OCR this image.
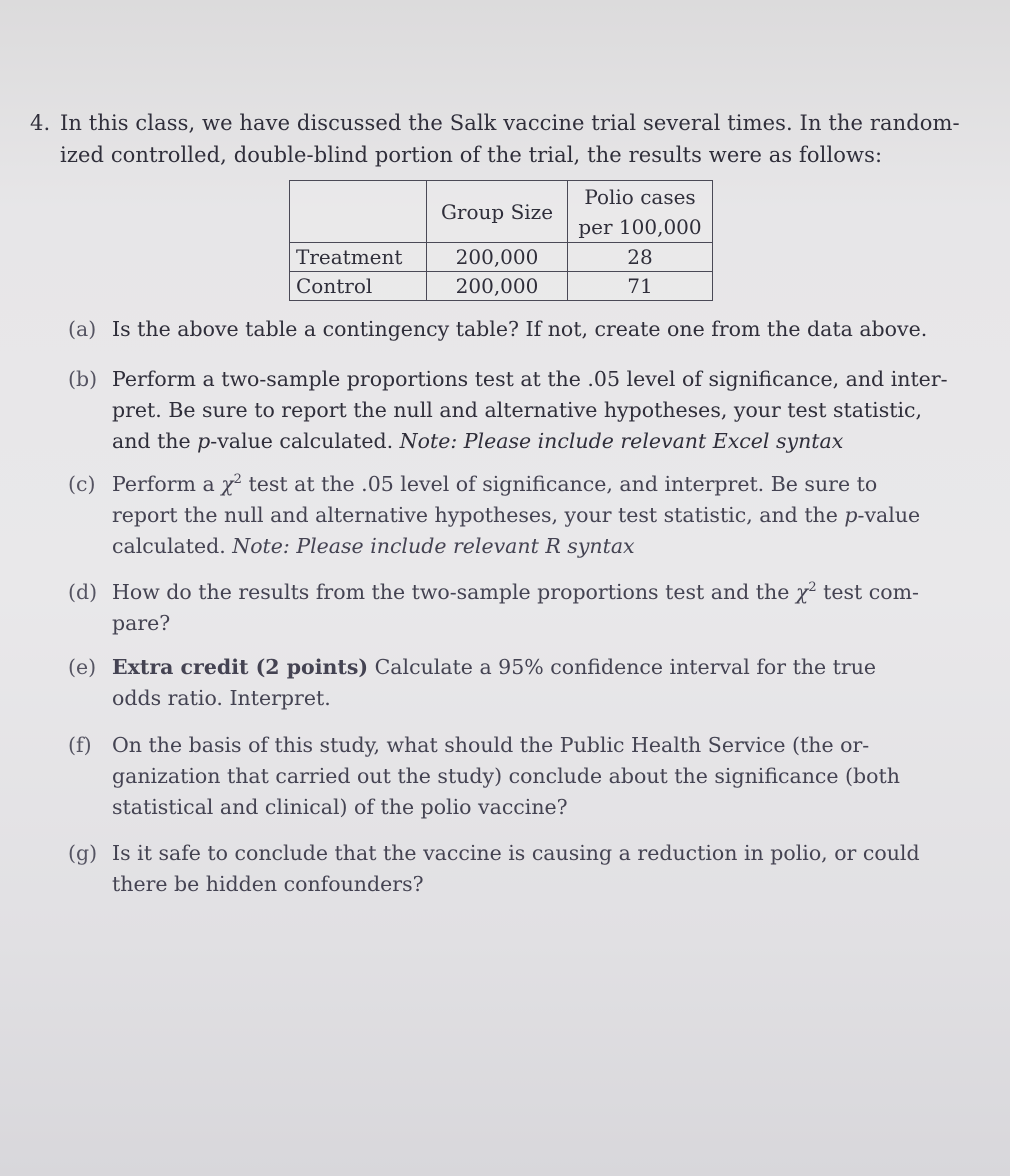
4. In this class, we have discussed the Salk vaccine trial several times. In the random-
ized controlled, double-blind portion of the trial, the results were as follows:
	Group Size	Polio cases
per 100,000

Treatment	200,000	28
Control	200,000	71
(a) Is the above table a contingency table? If not, create one from the data above.
(b) Perform a two-sample proportions test at the .05 level of significance, and inter-
pret. Be sure to report the null and alternative hypotheses, your test statistic,
and the p-value calculated. Note: Please include relevant Excel syntax
(c) Perform a $\chi^2$ test at the .05 level of significance, and interpret. Be sure to
report the null and alternative hypotheses, your test statistic, and the p-value
calculated. Note: Please include relevant R syntax
(d) How do the results from the two-sample proportions test and the $\chi^2$ test com-
pare?
(e) Extra credit (2 points) Calculate a 95% confidence interval for the true
odds ratio. Interpret.
(f) On the basis of this study, what should the Public Health Service (the or-
ganization that carried out the study) conclude about the significance (both
statistical and clinical) of the polio vaccine?
(g) Is it safe to conclude that the vaccine is causing a reduction in polio, or could
there be hidden confounders?
